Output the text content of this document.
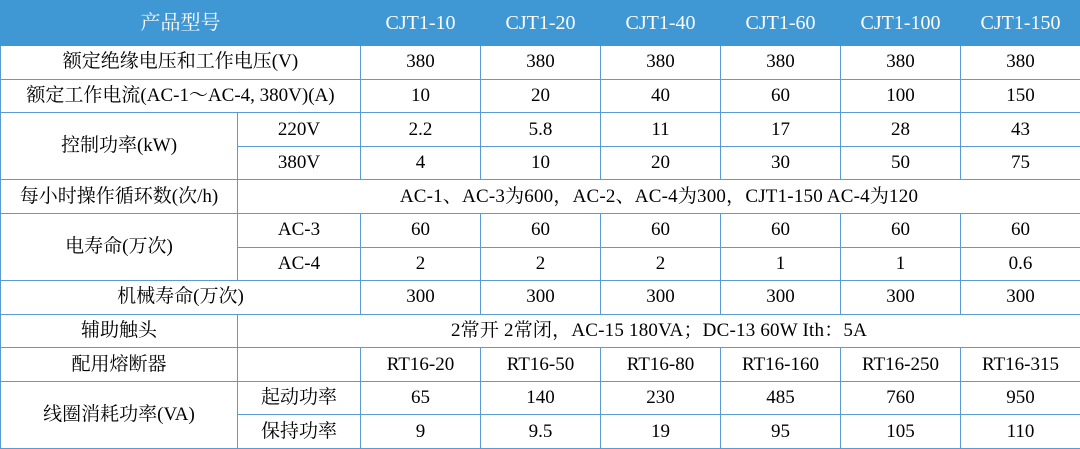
产品型号		CJT1-10	CJT1-20	CJT1-40	CJT1-60	CJT1-100	CJT1-150
额定绝缘电压和工作电压(V)		380	380	380	380	380	380
额定工作电流(AC-1～AC-4, 380V)(A)		10	20	40	60	100	150
控制功率(kW)	220V	2.2	5.8	11	17	28	43
	380V	4	10	20	30	50	75
每小时操作循环数(次/h)	AC-1、AC-3为600，AC-2、AC-4为300，CJT1-150 AC-4为120						
电寿命(万次)	AC-3	60	60	60	60	60	60
	AC-4	2	2	2	1	1	0.6
机械寿命(万次)		300	300	300	300	300	300
辅助触头	2常开 2常闭，AC-15 180VA；DC-13 60W Ith：5A						
配用熔断器		RT16-20	RT16-50	RT16-80	RT16-160	RT16-250	RT16-315
线圈消耗功率(VA)	起动功率	65	140	230	485	760	950
	保持功率	9	9.5	19	95	105	110
